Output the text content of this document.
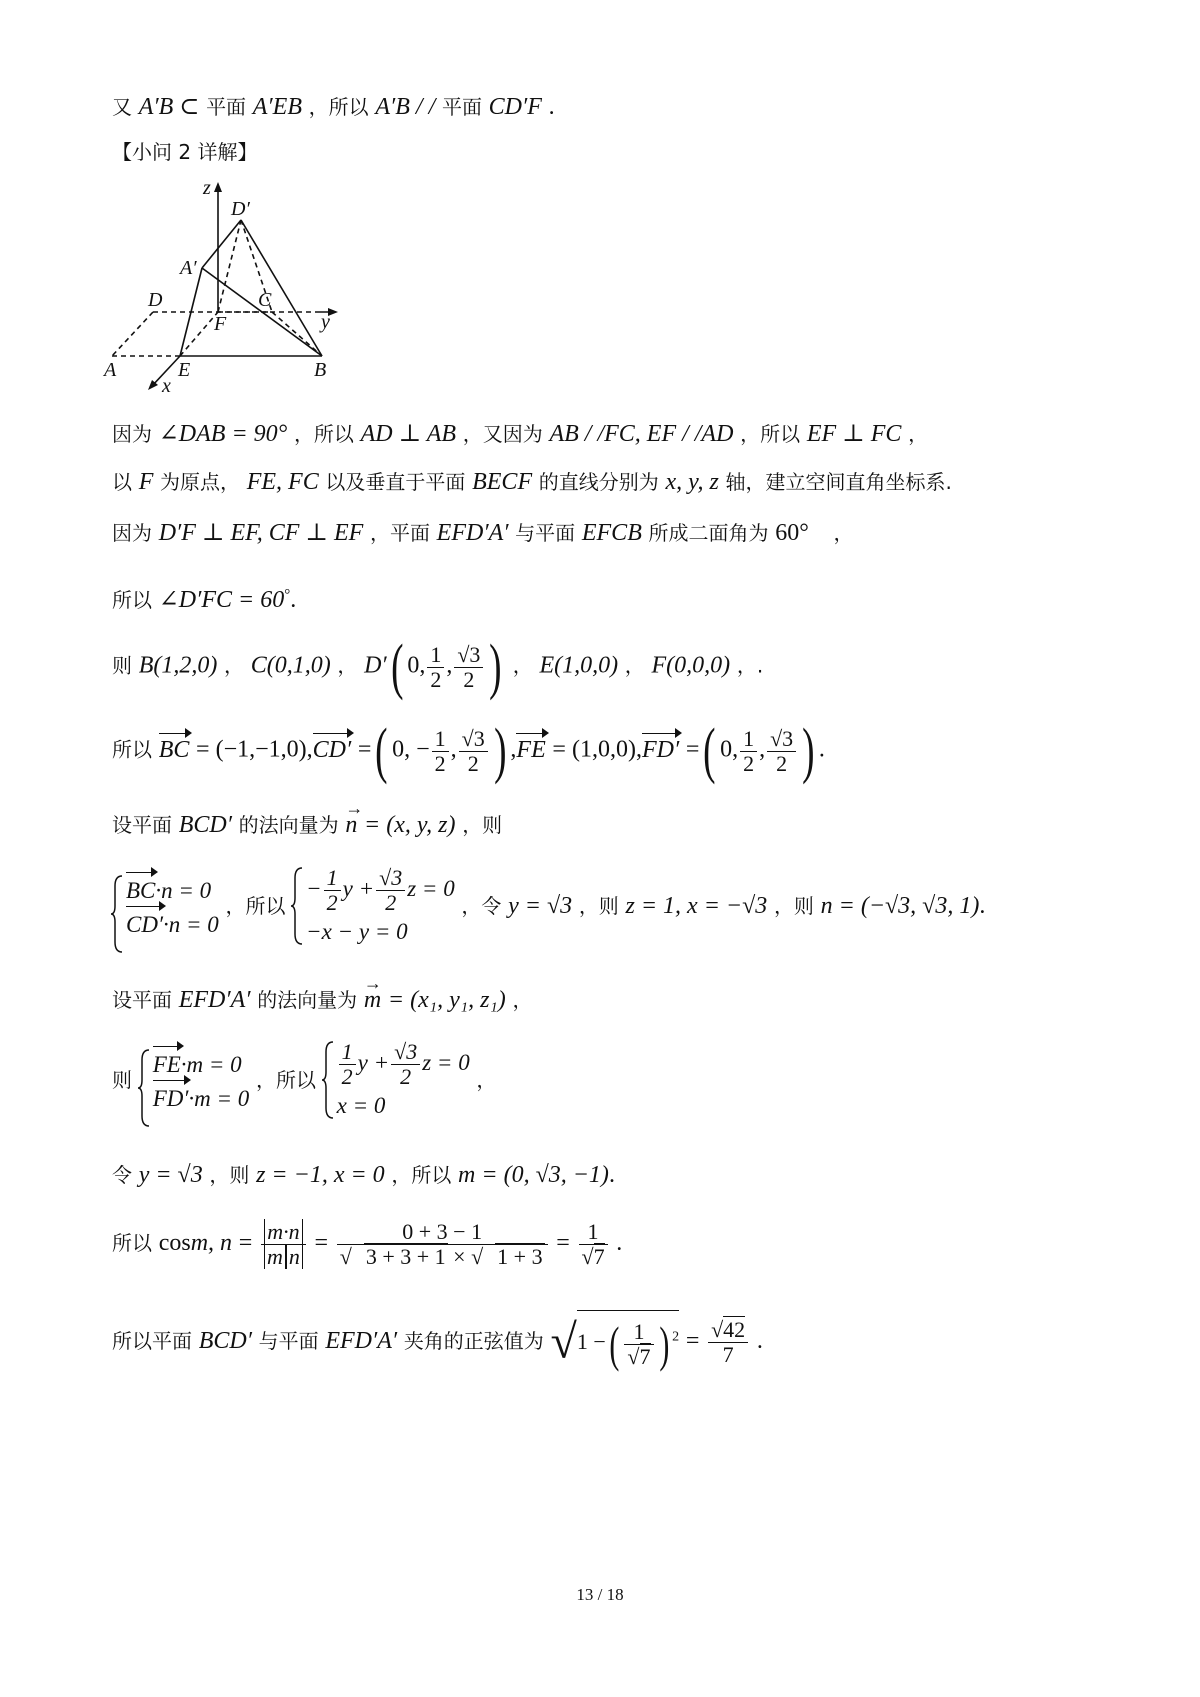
又 A′B ⊂ 平面 A′EB ，所以 A′B / / 平面 CD′F .
【小问 2 详解】
z
D′
A′
D	C
F	y
A	E	B
x
因为 ∠DAB = 90° ，所以 AD ⊥ AB ，又因为 AB / /FC, EF / /AD ，所以 EF ⊥ FC ，
以 F 为原点， FE, FC 以及垂直于平面 BECF 的直线分别为 x, y, z 轴，建立空间直角坐标系.
因为 D′F ⊥ EF, CF ⊥ EF ，平面 EFD′A′ 与平面 EFCB 所成二面角为 60° ，
所以 ∠D′FC = 60°.
则 B(1,2,0) ， C(0,1,0) ， D′( 0, $\frac{1}{2}$ , $\frac{√3}{2}$ ) ， E(1,0,0) ， F(0,0,0) ，.
所以 BC = (−1,−1,0),CD′ =( 0, − $\frac{1}{2}$ , $\frac{√3}{2}$ ) ,FE = (1,0,0),FD′ =( 0, $\frac{1}{2}$ , $\frac{√3}{2}$ ) .
设平面 BCD′ 的法向量为 → n = (x, y, z) ，则
BC·n = 0
CD′·n = 0
，所以
− $\frac{1}{2}$ $y + \frac{√3}{2}$ z = 0
−x − y = 0
，令 y = √3 ，则 z = 1, x = −√3 ，则 n = (−√3, √3, 1).
设平面 EFD′A′ 的法向量为 → m = (x₁, y₁, z₁) ，
则
FE·m = 0
FD′·m = 0
，所以 $\frac{1}{2}$ $y + \frac{√3}{2}$ z = 0
x = 0
，
令 y = √3 ，则 z = −1, x = 0 ，所以 m = (0, √3, −1).
所以 cosm, $n = \frac{m\cdot n}{\text{m n}} = \frac{0 + 3 - 1}{√ 3 + 3 + 1 \times √ 1 + 3} = \frac{1}{√7}$ .
所以平面 BCD′ 与平面 EFD′A′ 夹角的正弦值为 √1 −( $\frac{1}{√7}$ ) $^2 = \frac{√42}{7}$ .
13 / 18
